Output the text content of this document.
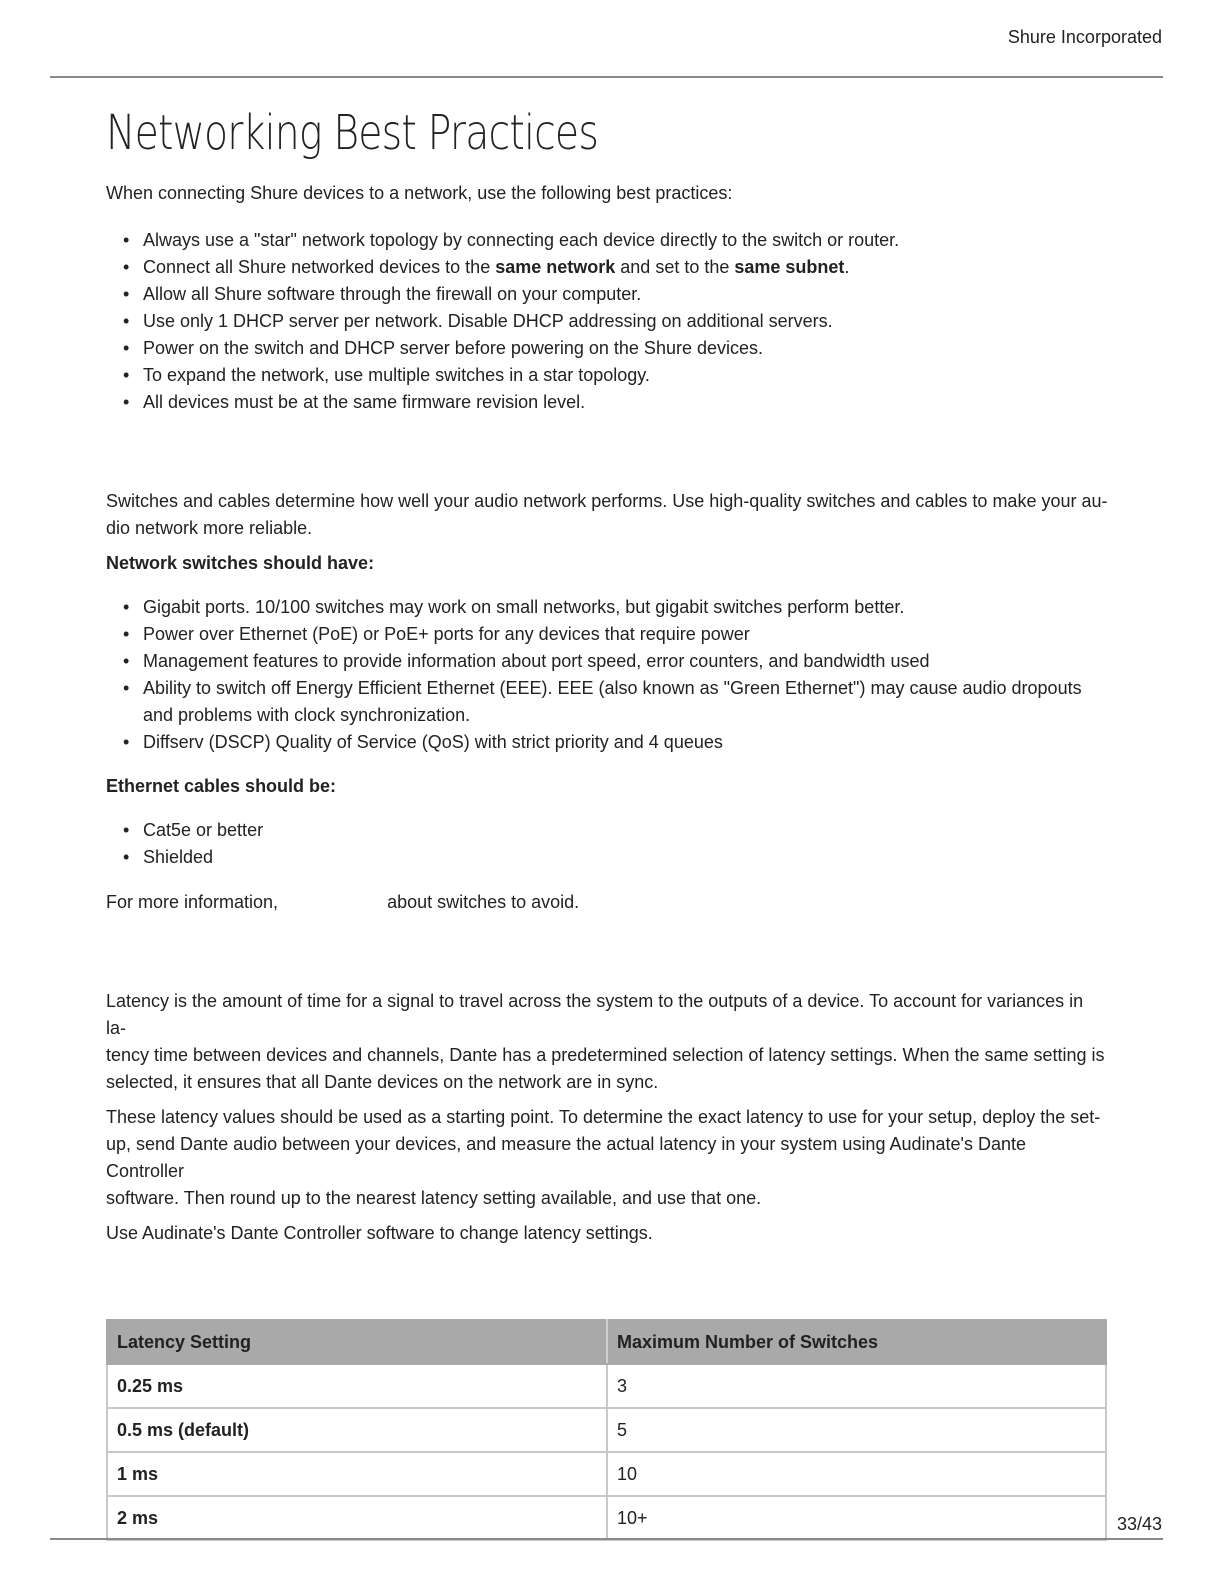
Shure Incorporated
Networking Best Practices

When connecting Shure devices to a network, use the following best practices:

• Always use a "star" network topology by connecting each device directly to the switch or router.
• Connect all Shure networked devices to the same network and set to the same subnet.
• Allow all Shure software through the firewall on your computer.
• Use only 1 DHCP server per network. Disable DHCP addressing on additional servers.
• Power on the switch and DHCP server before powering on the Shure devices.
• To expand the network, use multiple switches in a star topology.
• All devices must be at the same firmware revision level.

Switches and cables determine how well your audio network performs. Use high-quality switches and cables to make your au-
dio network more reliable.

Network switches should have:

• Gigabit ports. 10/100 switches may work on small networks, but gigabit switches perform better.
• Power over Ethernet (PoE) or PoE+ ports for any devices that require power
• Management features to provide information about port speed, error counters, and bandwidth used
• Ability to switch off Energy Efficient Ethernet (EEE). EEE (also known as "Green Ethernet") may cause audio dropouts and problems with clock synchronization.
• Diffserv (DSCP) Quality of Service (QoS) with strict priority and 4 queues

Ethernet cables should be:

• Cat5e or better
• Shielded

For more information,	about switches to avoid.

Latency is the amount of time for a signal to travel across the system to the outputs of a device. To account for variances in la-
tency time between devices and channels, Dante has a predetermined selection of latency settings. When the same setting is
selected, it ensures that all Dante devices on the network are in sync.

These latency values should be used as a starting point. To determine the exact latency to use for your setup, deploy the set-
up, send Dante audio between your devices, and measure the actual latency in your system using Audinate's Dante Controller
software. Then round up to the nearest latency setting available, and use that one.

Use Audinate's Dante Controller software to change latency settings.

Latency Setting	Maximum Number of Switches
0.25 ms	3
0.5 ms (default)	5
1 ms	10
2 ms	10+	33/43
